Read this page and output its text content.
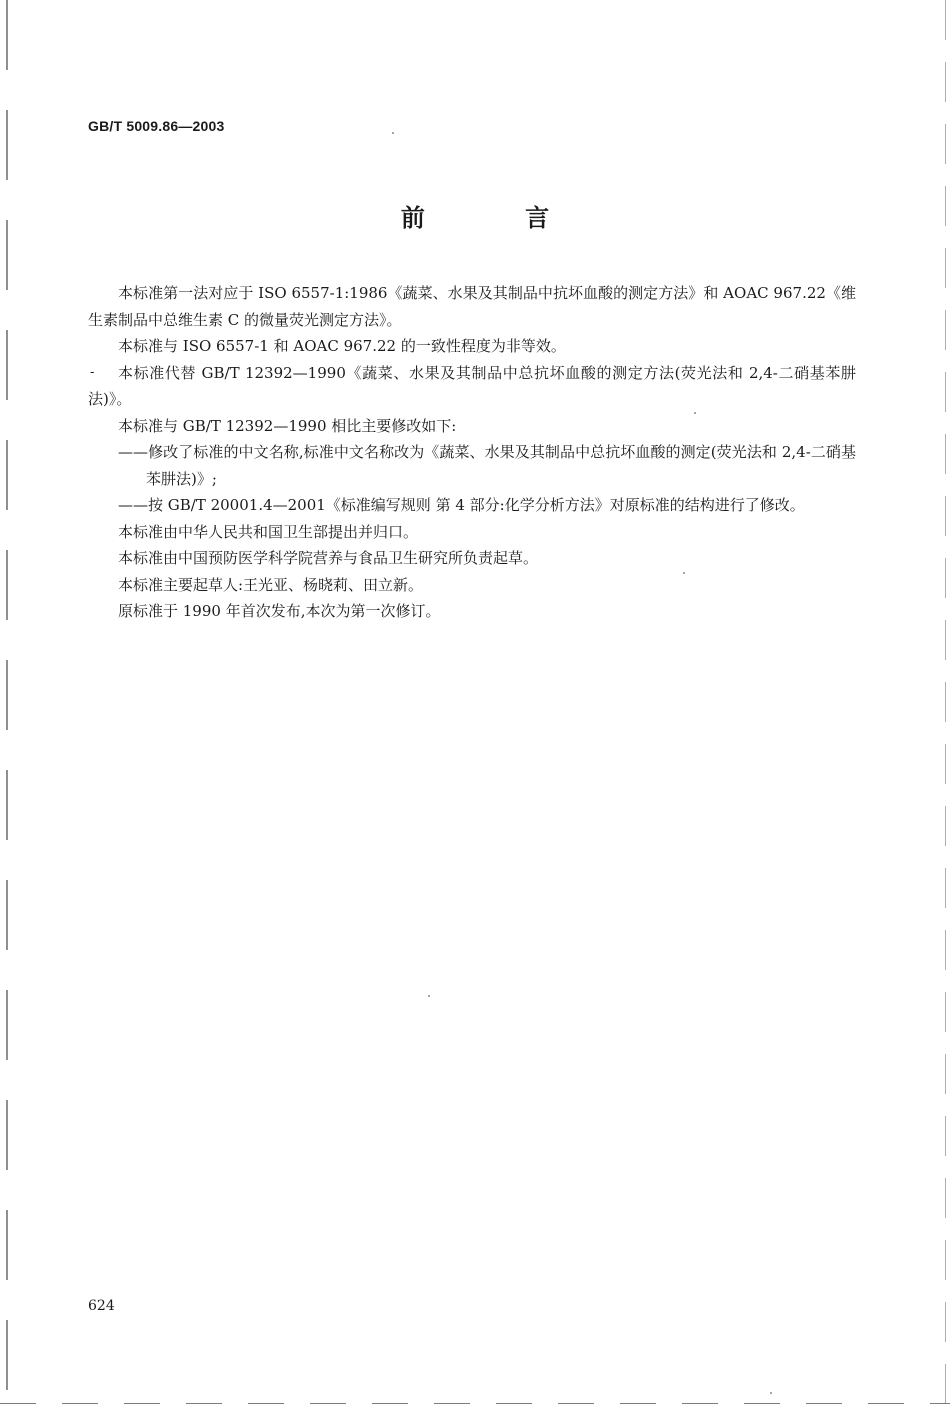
GB/T 5009.86—2003
前 言

本标准第一法对应于 ISO 6557-1:1986《蔬菜、水果及其制品中抗坏血酸的测定方法》和 AOAC 967.22《维生素制品中总维生素 C 的微量荧光测定方法》。

本标准与 ISO 6557-1 和 AOAC 967.22 的一致性程度为非等效。

- 本标准代替 GB/T 12392—1990《蔬菜、水果及其制品中总抗坏血酸的测定方法(荧光法和 2,4-二硝基苯肼法)》。

本标准与 GB/T 12392—1990 相比主要修改如下:

——修改了标准的中文名称,标准中文名称改为《蔬菜、水果及其制品中总抗坏血酸的测定(荧光法和 2,4-二硝基苯肼法)》;

——按 GB/T 20001.4—2001《标准编写规则 第 4 部分:化学分析方法》对原标准的结构进行了修改。

本标准由中华人民共和国卫生部提出并归口。

本标准由中国预防医学科学院营养与食品卫生研究所负责起草。

本标准主要起草人:王光亚、杨晓莉、田立新。

原标准于 1990 年首次发布,本次为第一次修订。

624
